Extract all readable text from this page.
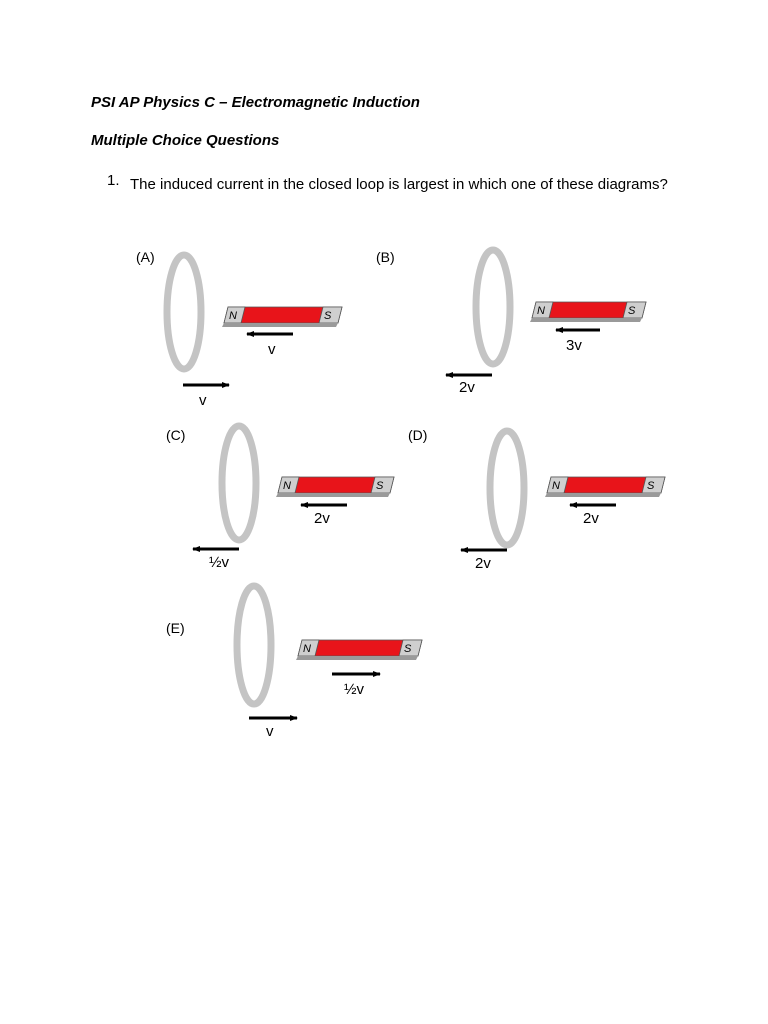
PSI AP Physics C – Electromagnetic Induction
Multiple Choice Questions
1. The induced current in the closed loop is largest in which one of these diagrams?
(A)
N	S
v
v
(B)
N	S
3v
2v
(C)
N	S
2v
½v
(D)
N	S
2v
2v
(E)
N	S
½v
v
